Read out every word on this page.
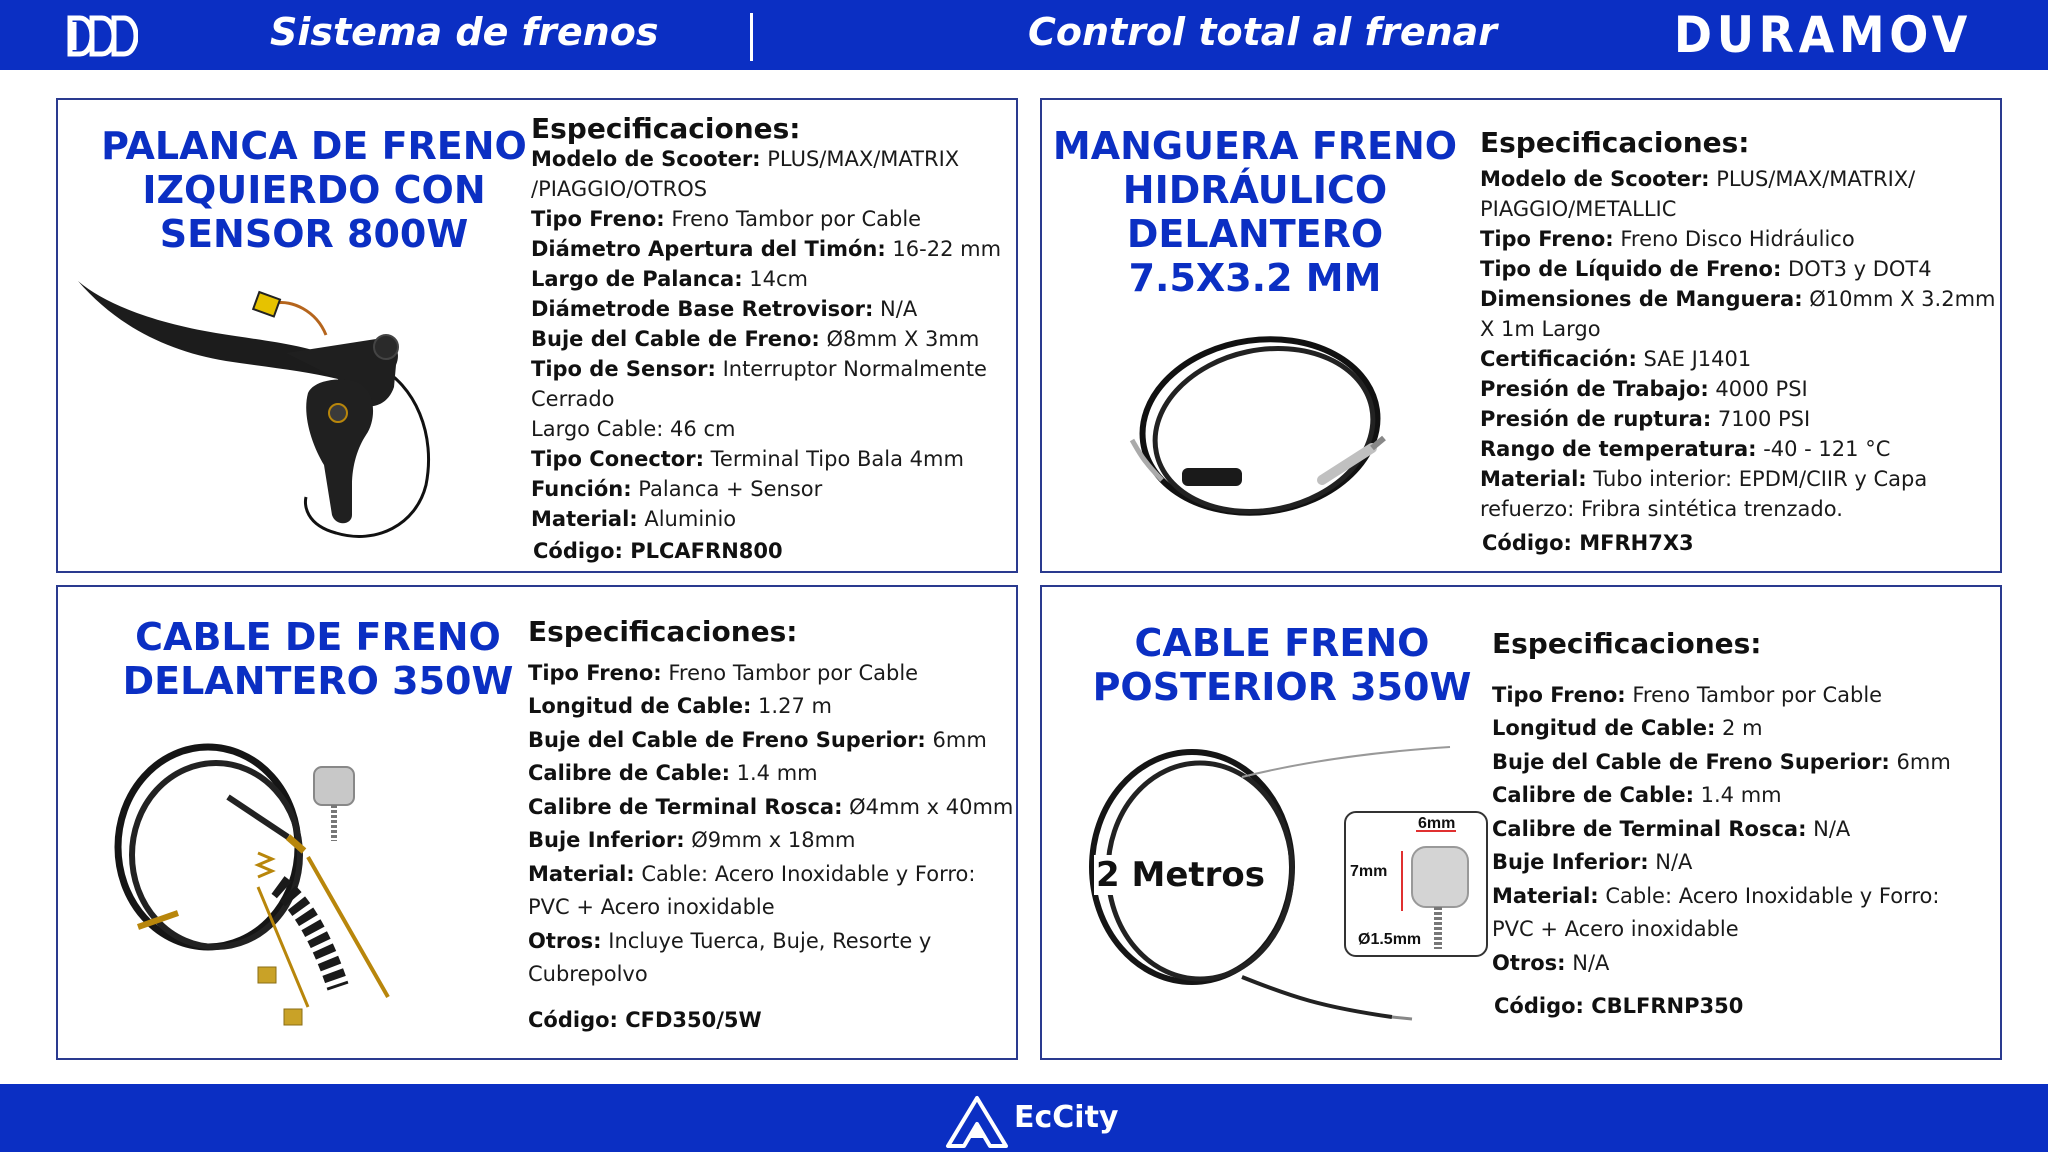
Sistema de frenos	Control total al frenar	DURAMOV
PALANCA DE FRENO
IZQUIERDO CON
SENSOR 800W
Especificaciones:
Modelo de Scooter: PLUS/MAX/MATRIX
/PIAGGIO/OTROS
Tipo Freno: Freno Tambor por Cable
Diámetro Apertura del Timón: 16-22 mm
Largo de Palanca: 14cm
Diámetrode Base Retrovisor: N/A
Buje del Cable de Freno: Ø8mm X 3mm
Tipo de Sensor: Interruptor Normalmente
Cerrado
Largo Cable: 46 cm
Tipo Conector: Terminal Tipo Bala 4mm
Función: Palanca + Sensor
Material: Aluminio
Código: PLCAFRN800
MANGUERA FRENO
HIDRÁULICO
DELANTERO
7.5X3.2 MM
Especificaciones:
Modelo de Scooter: PLUS/MAX/MATRIX/
PIAGGIO/METALLIC
Tipo Freno: Freno Disco Hidráulico
Tipo de Líquido de Freno: DOT3 y DOT4
Dimensiones de Manguera: Ø10mm X 3.2mm
X 1m Largo
Certificación: SAE J1401
Presión de Trabajo: 4000 PSI
Presión de ruptura: 7100 PSI
Rango de temperatura: -40 - 121 °C
Material: Tubo interior: EPDM/CIIR y Capa
refuerzo: Fribra sintética trenzado.
Código: MFRH7X3
CABLE DE FRENO
DELANTERO 350W
Especificaciones:
Tipo Freno: Freno Tambor por Cable
Longitud de Cable: 1.27 m
Buje del Cable de Freno Superior: 6mm
Calibre de Cable: 1.4 mm
Calibre de Terminal Rosca: Ø4mm x 40mm
Buje Inferior: Ø9mm x 18mm
Material: Cable: Acero Inoxidable y Forro:
PVC + Acero inoxidable
Otros: Incluye Tuerca, Buje, Resorte y
Cubrepolvo
Código: CFD350/5W
CABLE FRENO
POSTERIOR 350W
2 Metros
6mm
7mm
Ø1.5mm
Especificaciones:
Tipo Freno: Freno Tambor por Cable
Longitud de Cable: 2 m
Buje del Cable de Freno Superior: 6mm
Calibre de Cable: 1.4 mm
Calibre de Terminal Rosca: N/A
Buje Inferior: N/A
Material: Cable: Acero Inoxidable y Forro:
PVC + Acero inoxidable
Otros: N/A
Código: CBLFRNP350
EcCity
